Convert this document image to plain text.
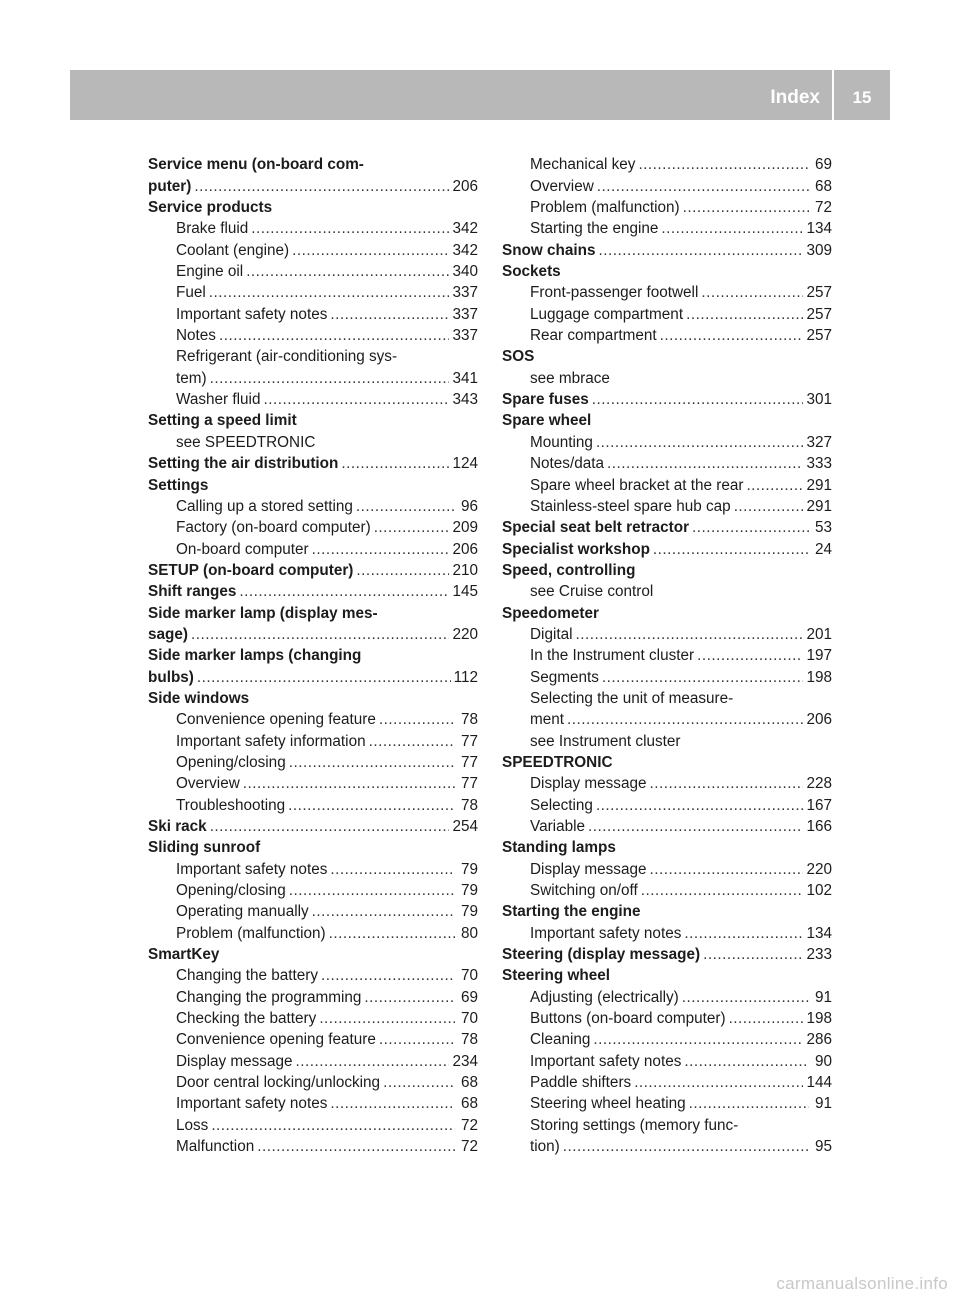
Index	15
Service menu (on-board com-
puter) .....	206
Service products
Brake fluid .....	342
Coolant (engine) .....	342
Engine oil .....	340
Fuel .....	337
Important safety notes .....	337
Notes .....	337
Refrigerant (air-conditioning sys-
tem) .....	341
Washer fluid .....	343
Setting a speed limit
see SPEEDTRONIC
Setting the air distribution .....	124
Settings
Calling up a stored setting .....	96
Factory (on-board computer) .....	209
On-board computer .....	206
SETUP (on-board computer) .....	210
Shift ranges .....	145
Side marker lamp (display mes-
sage) .....	220
Side marker lamps (changing
bulbs) .....	112
Side windows
Convenience opening feature .....	78
Important safety information .....	77
Opening/closing .....	77
Overview .....	77
Troubleshooting .....	78
Ski rack .....	254
Sliding sunroof
Important safety notes .....	79
Opening/closing .....	79
Operating manually .....	79
Problem (malfunction) .....	80
SmartKey
Changing the battery .....	70
Changing the programming .....	69
Checking the battery .....	70
Convenience opening feature .....	78
Display message .....	234
Door central locking/unlocking .....	68
Important safety notes .....	68
Loss .....	72
Malfunction .....	72
Mechanical key .....	69
Overview .....	68
Problem (malfunction) .....	72
Starting the engine .....	134
Snow chains .....	309
Sockets
Front-passenger footwell .....	257
Luggage compartment .....	257
Rear compartment .....	257
SOS
see mbrace
Spare fuses .....	301
Spare wheel
Mounting .....	327
Notes/data .....	333
Spare wheel bracket at the rear .....	291
Stainless-steel spare hub cap .....	291
Special seat belt retractor .....	53
Specialist workshop .....	24
Speed, controlling
see Cruise control
Speedometer
Digital .....	201
In the Instrument cluster .....	197
Segments .....	198
Selecting the unit of measure-
ment .....	206
see Instrument cluster
SPEEDTRONIC
Display message .....	228
Selecting .....	167
Variable .....	166
Standing lamps
Display message .....	220
Switching on/off .....	102
Starting the engine
Important safety notes .....	134
Steering (display message) .....	233
Steering wheel
Adjusting (electrically) .....	91
Buttons (on-board computer) .....	198
Cleaning .....	286
Important safety notes .....	90
Paddle shifters .....	144
Steering wheel heating .....	91
Storing settings (memory func-
tion) .....	95
carmanualsonline.info
